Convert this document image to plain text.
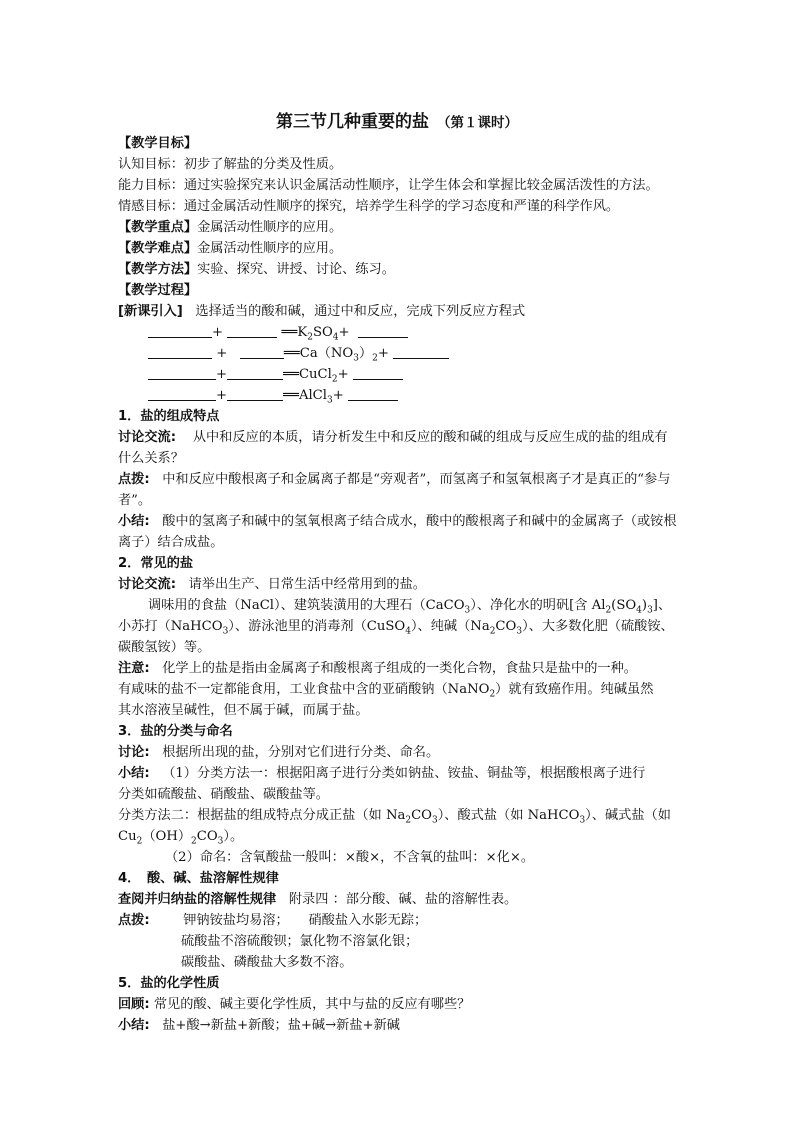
第三节几种重要的盐 （第１课时）
【教学目标】
认知目标：初步了解盐的分类及性质。
能力目标：通过实验探究来认识金属活动性顺序，让学生体会和掌握比较金属活泼性的方法。
情感目标：通过金属活动性顺序的探究，培养学生科学的学习态度和严谨的科学作风。
【教学重点】金属活动性顺序的应用。
【教学难点】金属活动性顺序的应用。
【教学方法】实验、探究、讲授、讨论、练习。
【教学过程】
[新课引入] 选择适当的酸和碱，通过中和反应，完成下列反应方程式
+	$══K_2SO_4+$
+	$══Ca(NO_3)_2+$
+	══CuCl$_2$+
+	══AlCl$_3$+
1．盐的组成特点
讨论交流: 从中和反应的本质，请分析发生中和反应的酸和碱的组成与反应生成的盐的组成有什么关系？
点拨: 中和反应中酸根离子和金属离子都是“旁观者”，而氢离子和氢氧根离子才是真正的“参与者”。
小结: 酸中的氢离子和碱中的氢氧根离子结合成水，酸中的酸根离子和碱中的金属离子（或铵根离子）结合成盐。
2．常见的盐
讨论交流: 请举出生产、日常生活中经常用到的盐。
调味用的食盐（NaCl）、建筑装潢用的大理石（CaCO$_3$）、净化水的明矾[含 $Al_2(SO_4)_3$]、
小苏打（NaHCO$_3$）、游泳池里的消毒剂（CuSO$_4$）、纯碱$(Na_2CO_3)$、大多数化肥（硫酸铵、
碳酸氢铵）等。
注意: 化学上的盐是指由金属离子和酸根离子组成的一类化合物，食盐只是盐中的一种。
有咸味的盐不一定都能食用，工业食盐中含的亚硝酸钠（NaNO$_2$）就有致癌作用。纯碱虽然
其水溶液呈碱性，但不属于碱，而属于盐。
3．盐的分类与命名
讨论: 根据所出现的盐，分别对它们进行分类、命名。
小结: （1）分类方法一：根据阳离子进行分类如钠盐、铵盐、铜盐等，根据酸根离子进行
分类如硫酸盐、硝酸盐、碳酸盐等。
分类方法二：根据盐的组成特点分成正盐（如 $Na_2CO_3$）、酸式盐（如 NaHCO$_3$）、碱式盐（如
$Cu_2(OH)_2CO_3$）。
（2）命名：含氧酸盐一般叫：×酸×，不含氧的盐叫：×化×。
4．　酸、碱、盐溶解性规律
查阅并归纳盐的溶解性规律 附录四 ：部分酸、碱、盐的溶解性表。
点拨:	钾钠铵盐均易溶；　　硝酸盐入水影无踪；
硫酸盐不溶硫酸钡；氯化物不溶氯化银；
碳酸盐、磷酸盐大多数不溶。
5．盐的化学性质
回顾: 常见的酸、碱主要化学性质，其中与盐的反应有哪些？
小结: 盐+酸→新盐+新酸；盐+碱→新盐+新碱
